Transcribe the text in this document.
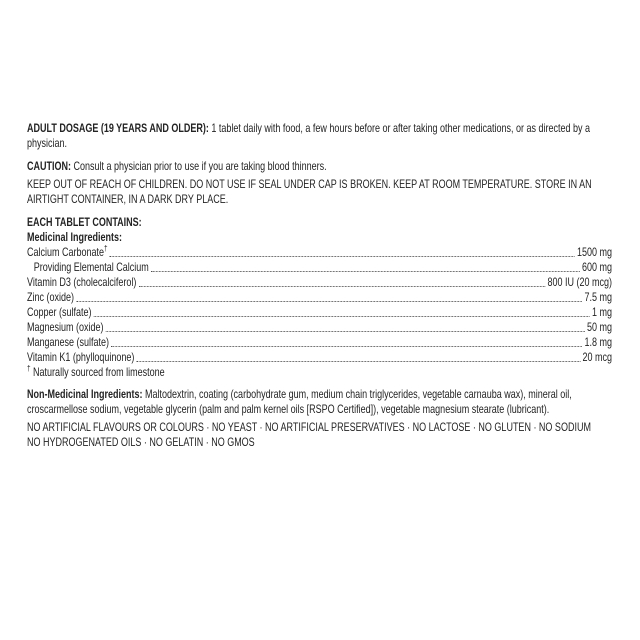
ADULT DOSAGE (19 YEARS AND OLDER): 1 tablet daily with food, a few hours before or after taking other medications, or as directed by a physician.

CAUTION: Consult a physician prior to use if you are taking blood thinners.

KEEP OUT OF REACH OF CHILDREN. DO NOT USE IF SEAL UNDER CAP IS BROKEN. KEEP AT ROOM TEMPERATURE. STORE IN AN AIRTIGHT CONTAINER, IN A DARK DRY PLACE.

EACH TABLET CONTAINS:

Medicinal Ingredients:

Calcium Carbonate†	1500 mg
Providing Elemental Calcium	600 mg
Vitamin D3 (cholecalciferol)	800 IU (20 mcg)
Zinc (oxide)	7.5 mg
Copper (sulfate)	1 mg
Magnesium (oxide)	50 mg
Manganese (sulfate)	1.8 mg
Vitamin K1 (phylloquinone)	20 mcg

† Naturally sourced from limestone

Non-Medicinal Ingredients: Maltodextrin, coating (carbohydrate gum, medium chain triglycerides, vegetable carnauba wax), mineral oil, croscarmellose sodium, vegetable glycerin (palm and palm kernel oils [RSPO Certified]), vegetable magnesium stearate (lubricant).

NO ARTIFICIAL FLAVOURS OR COLOURS · NO YEAST · NO ARTIFICIAL PRESERVATIVES · NO LACTOSE · NO GLUTEN · NO SODIUM

NO HYDROGENATED OILS · NO GELATIN · NO GMOS
